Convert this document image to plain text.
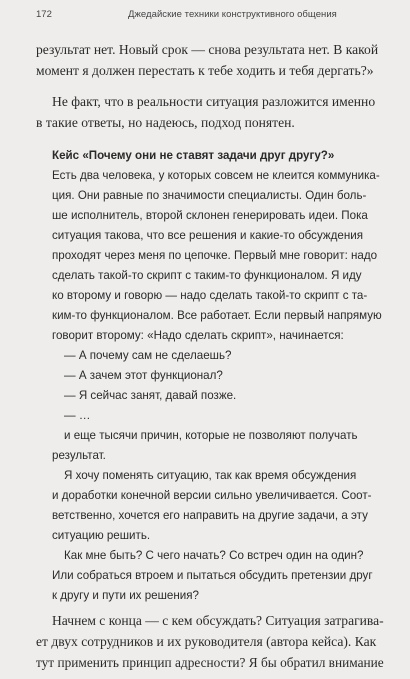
172	Джедайские техники конструктивного общения
результат нет. Новый срок — снова результата нет. В какой
момент я должен перестать к тебе ходить и тебя дергать?»
Не факт, что в реальности ситуация разложится именно
в такие ответы, но надеюсь, подход понятен.
Кейс «Почему они не ставят задачи друг другу?»
Есть два человека, у которых совсем не клеится коммуника-
ция. Они равные по значимости специалисты. Один боль-
ше исполнитель, второй склонен генерировать идеи. Пока
ситуация такова, что все решения и какие-то обсуждения
проходят через меня по цепочке. Первый мне говорит: надо
сделать такой-то скрипт с таким-то функционалом. Я иду
ко второму и говорю — надо сделать такой-то скрипт с та-
ким-то функционалом. Все работает. Если первый напрямую
говорит второму: «Надо сделать скрипт», начинается:
— А почему сам не сделаешь?
— А зачем этот функционал?
— Я сейчас занят, давай позже.
— …
и еще тысячи причин, которые не позволяют получать
результат.
Я хочу поменять ситуацию, так как время обсуждения
и доработки конечной версии сильно увеличивается. Соот-
ветственно, хочется его направить на другие задачи, а эту
ситуацию решить.
Как мне быть? С чего начать? Со встреч один на один?
Или собраться втроем и пытаться обсудить претензии друг
к другу и пути их решения?
Начнем с конца — с кем обсуждать? Ситуация затрагива-
ет двух сотрудников и их руководителя (автора кейса). Как
тут применить принцип адресности? Я бы обратил внимание
